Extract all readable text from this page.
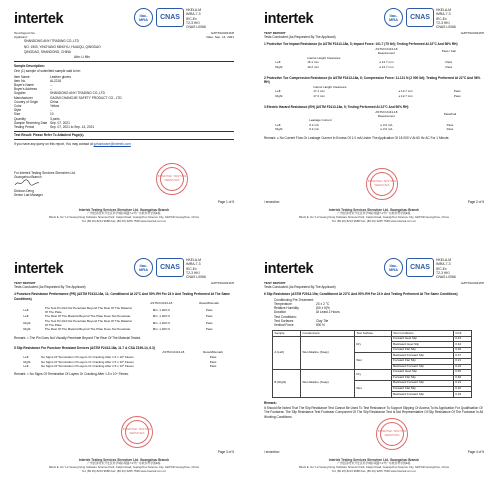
intertek	ilac-MRA	CNAS
HKELA-M
IMRA-7-3
IEC-Ex
T2-3 HKI
CNAS L0066
Test Report No.	GZHT9U00216H
Applicant:	Date: Sep. 14, 2021

SHANDONG ANYI TRADING CO.,LTD

NO. 1500, YINGYANG MINGYU, HUAIQU, QINGDAO

QINGDAO, SHANDONG, CHINA

Attn: Li Min

Sample Description:

One (1) sample of submitted sample said to be:

Item Name	Leather gloves
Item No.	AL2218
Buyer's Name	--
Buyer's Address	--
Supplier	SHANDONG ANYI TRADING CO.,LTD
Manufacturer	GAOMI CHANGJIE SAFETY PRODUCT CO., LTD.
Country of Origin	China
Color	Yellow
Style	--
Size	10
Quantity	3 pairs
Sample Receiving Date Sep. 07, 2021
Testing Period	Sep. 07, 2021 to Sep. 14, 2021

Test Result: Please Refer To Attached Page(s).

If you have any query on this report, You may contact at gzhardware@intertek.com

For Intertek Testing Services Shenzhen Ltd.

Guangzhou Branch

Dickson Deng

Senior Lab Manager

INTERTEK TESTING SERVICES
Page 1 of 5
Intertek Testing Services Shenzhen Ltd. Guangzhou Branch
广州经济技术开发区科学城彩频路7-2号广东软件科学园E栋
Block E, No.7-2 Guang Dong Software Science Park, Caipin Road, Guangzhou Science City, GETDD Guangzhou, China
Tel: (86 20) 8213 9688 Fax: (86 20) 3205 7538 www.intertek.com.cn
intertek	ilac-MRA	CNAS
HKELA-M
IMRA-7-3
IEC-Ex
T2-3 HKI
CNAS L0066
TEST REPORT	GZHT9U00216H

Tests Conducted (As Requested By The Applicant)

1 Protective Toe Impact Resistance (In ASTM F2413-18a, 5; Impact Force: 101.7 (75 lbf); Testing Performed At 22°C And 56% RH)

		ASTM F2413-18
Requirement	Pass / Fail
	Interior Height Clearance		
Left:	16.1 mm	≥ 12.7 mm	Pass
Right:	16.2 mm	≥ 12.7 mm	Pass

2 Protective Toe Compression Resistance (In ASTM F2413-18a, 6; Compression Force: 11.121 N (2 500 lbf); Testing Performed At 22°C And 56% RH)

	Interior Height Clearance		
Left:	17.1 mm	≥ 12.7 mm	Pass
Right:	17.3 mm	≥ 12.7 mm	Pass

3 Electric Hazard Resistance (EH) (ASTM F2413-18a, 9; Testing Performed At 22°C And 56% RH)

		ASTM F2413-18
Requirement	Pass/Fail
	Leakage Current		
Left:	0.2 mA	≤ 3.0 mA	Pass
Right:	0.2 mA	≤ 3.0 mA	Pass

Remark: ≤ No Current Flow Or Leakage Current In Excess Of 1.0 mA Under The Application Of 18 000 V At 60 Hz AC For 1 Minute.

/ ensection
INTERTEK TESTING SERVICES
Page 2 of 5
Intertek Testing Services Shenzhen Ltd. Guangzhou Branch
广州经济技术开发区科学城彩频路7-2号广东软件科学园E栋
Block E, No.7-2 Guang Dong Software Science Park, Caipin Road, Guangzhou Science City, GETDD Guangzhou, China
Tel: (86 20) 8213 9688 Fax: (86 20) 3205 7538 www.intertek.com.cn
intertek	ilac-MRA	CNAS
HKELA-M
IMRA-7-3
IEC-Ex
T2-3 HKI
CNAS L0066
TEST REPORT	GZHT9U00216H

Tests Conducted (As Requested By The Applicant)

4 Puncture Resistance Performance (PR) (ASTM F2413-18a, 11; Conditioned At 22°C And 50% RH For 24 h And Testing Performed At The Same Conditions)

		ASTM F2413-18	Result/Remark
Left:	The Test Pin Did Not Penetrate Beyond The Rest Of The Material Of The Plate	Min. 1 200 N	Pass
Left:	The Rest Of The Material Beyond The Plate Does Not Penetrate	Min. 1 200 N	Pass
Right:	The Test Pin Did Not Penetrate Beyond The Rest Of The Material Of The Plate	Min. 1 200 N	Pass
Right:	The Rest Of The Material Beyond The Plate Does Not Penetrate	Min. 1 200 N	Pass

Remark: = The Pin Does Not Visually Penetrate Beyond The Rear Of The Material Tested.

5 Slip Resistance For Puncture Resistant Devices (ASTM F2413-18a, 11.7 & CSA Z195-14, 6.3)

		ASTM F2413-18	Result/Remark
Left:	No Signs Of Termination Of Layers Or Cracking After 1.5 x 10⁶ Flexes		Pass
Right:	No Signs Of Termination Of Layers Or Cracking After 1.5 x 10⁶ Flexes		Pass
Left:	No Signs Of Termination Of Layers Or Cracking After 1.5 x 10⁶ Flexes		Pass

Remark: = No Signs Of Termination Of Layers Or Cracking After 1.5 x 10⁶ Flexes.

INTERTEK TESTING SERVICES
Page 3 of 5
Intertek Testing Services Shenzhen Ltd. Guangzhou Branch
广州经济技术开发区科学城彩频路7-2号广东软件科学园E栋
Block E, No.7-2 Guang Dong Software Science Park, Caipin Road, Guangzhou Science City, GETDD Guangzhou, China
Tel: (86 20) 8213 9688 Fax: (86 20) 3205 7538 www.intertek.com.cn
intertek	ilac-MRA	CNAS
HKELA-M
IMRA-7-3
IEC-Ex
T2-3 HKI
CNAS L0066
TEST REPORT	GZHT9U00216H

Tests Conducted (As Requested By The Applicant)

6 Slip Resistance (ASTM F2913-19a; Conditioned At 23°C And 50% RH For 24 h And Testing Performed At The Same Conditions)

Conditioning Pre-Treatment:
Temperature	23 ± 2 °C
Relative Humidity	(50 ± 5)%
Duration	At Least 2 Hours
Test Conditions:
Test Surfaces	Clay Tile
Vertical Force	500 N
Sample	Contaminant	Test Surface	Test Conditions	COF
A (Left)	Wet Alkaline (Soap)	Dry	Forward Heel Slip	0.44
			Backward Heel Slip	0.44
			Forward Flat Slip	0.46
		Wet	Backward Forward Slip	0.47
			Forward Flat Slip	0.21
			Backward Forward Slip	0.24
B (Right)	Wet Alkaline (Soap)	Dry	Forward Heel Slip	0.45
			Forward Flat Slip	0.46
		Wet	Backward Forward Slip	0.21
			Forward Flat Slip	0.22
			Backward Forward Slip	0.23

Remark:

It Should Be Noted That The Slip Resistance Test Cannot Be Used To Test Resistance To Support Slipping Or Access To Its Application For Qualification Of The Footwear. The Slip Resistance Test Footwear Component Of The Slip Resistance Test Is Not Representative Of Slip Resistance Of The Footwear In All Working Conditions.

/ ensection
INTERTEK TESTING SERVICES
Page 4 of 5
Intertek Testing Services Shenzhen Ltd. Guangzhou Branch
广州经济技术开发区科学城彩频路7-2号广东软件科学园E栋
Block E, No.7-2 Guang Dong Software Science Park, Caipin Road, Guangzhou Science City, GETDD Guangzhou, China
Tel: (86 20) 8213 9688 Fax: (86 20) 3205 7538 www.intertek.com.cn
